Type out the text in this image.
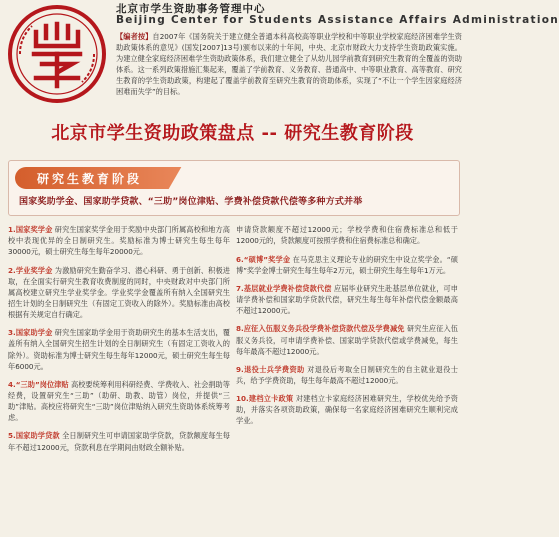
北京市学生资助事务管理中心
Beijing Center for Students Assistance Affairs Administration
【编者按】自2007年《国务院关于建立健全普通本科高校高等职业学校和中等职业学校家庭经济困难学生资助政策体系的意见》(国发[2007]13号)颁布以来的十年间，中央、北京市财政大力支持学生资助政策实施。为建立健全家庭经济困难学生资助政策体系，我们建立健全了从幼儿园学前教育到研究生教育的全覆盖的资助体系。这一系列政策措施汇集起来，覆盖了学前教育、义务教育、普通高中、中等职业教育、高等教育、研究生教育的学生资助政策，构建起了覆盖学前教育至研究生教育的资助体系，实现了“不让一个学生因家庭经济困难而失学”的目标。
北京市学生资助政策盘点 -- 研究生教育阶段
研究生教育阶段
国家奖助学金、国家助学贷款、“三助”岗位津贴、学费补偿贷款代偿等多种方式并举

1.国家奖学金 研究生国家奖学金用于奖励中央部门所属高校和地方高校中表现优异的全日制研究生。奖励标准为博士研究生每生每年30000元，硕士研究生每生每年20000元。

2.学业奖学金 为激励研究生勤奋学习、潜心科研、勇于创新、积极进取，在全面实行研究生教育收费制度的同时，中央财政对中央部门所属高校建立研究生学业奖学金。学业奖学金覆盖所有纳入全国研究生招生计划的全日制研究生（有固定工资收入的除外）。奖励标准由高校根据有关规定自行确定。

3.国家助学金 研究生国家助学金用于资助研究生的基本生活支出，覆盖所有纳入全国研究生招生计划的全日制研究生（有固定工资收入的除外）。资助标准为博士研究生每生每年12000元，硕士研究生每生每年6000元。

4.“三助”岗位津贴 高校要统筹利用科研经费、学费收入、社会捐助等经费，设置研究生“三助”（助研、助教、助管）岗位，并提供“三助”津贴。高校应将研究生“三助”岗位津贴纳入研究生资助体系统筹考虑。

5.国家助学贷款 全日制研究生可申请国家助学贷款，贷款额度每生每年不超过12000元，贷款利息在学期间由财政全额补贴。

申请贷款额度不超过12000元；学校学费和住宿费标准总和低于12000元的，贷款额度可按照学费和住宿费标准总和确定。

6.“硕博”奖学金 在马克思主义理论专业的研究生中设立奖学金。“硕博”奖学金博士研究生每生每年2万元，硕士研究生每生每年1万元。

7.基层就业学费补偿贷款代偿 应届毕业研究生赴基层单位就业，可申请学费补偿和国家助学贷款代偿，研究生每生每年补偿代偿金额最高不超过12000元。

8.应征入伍服义务兵役学费补偿贷款代偿及学费减免 研究生应征入伍服义务兵役，可申请学费补偿、国家助学贷款代偿或学费减免，每生每年最高不超过12000元。

9.退役士兵学费资助 对退役后考取全日制研究生的自主就业退役士兵，给予学费资助，每生每年最高不超过12000元。

10.建档立卡政策 对建档立卡家庭经济困难研究生，学校优先给予资助，并落实各项资助政策，确保每一名家庭经济困难研究生顺利完成学业。
